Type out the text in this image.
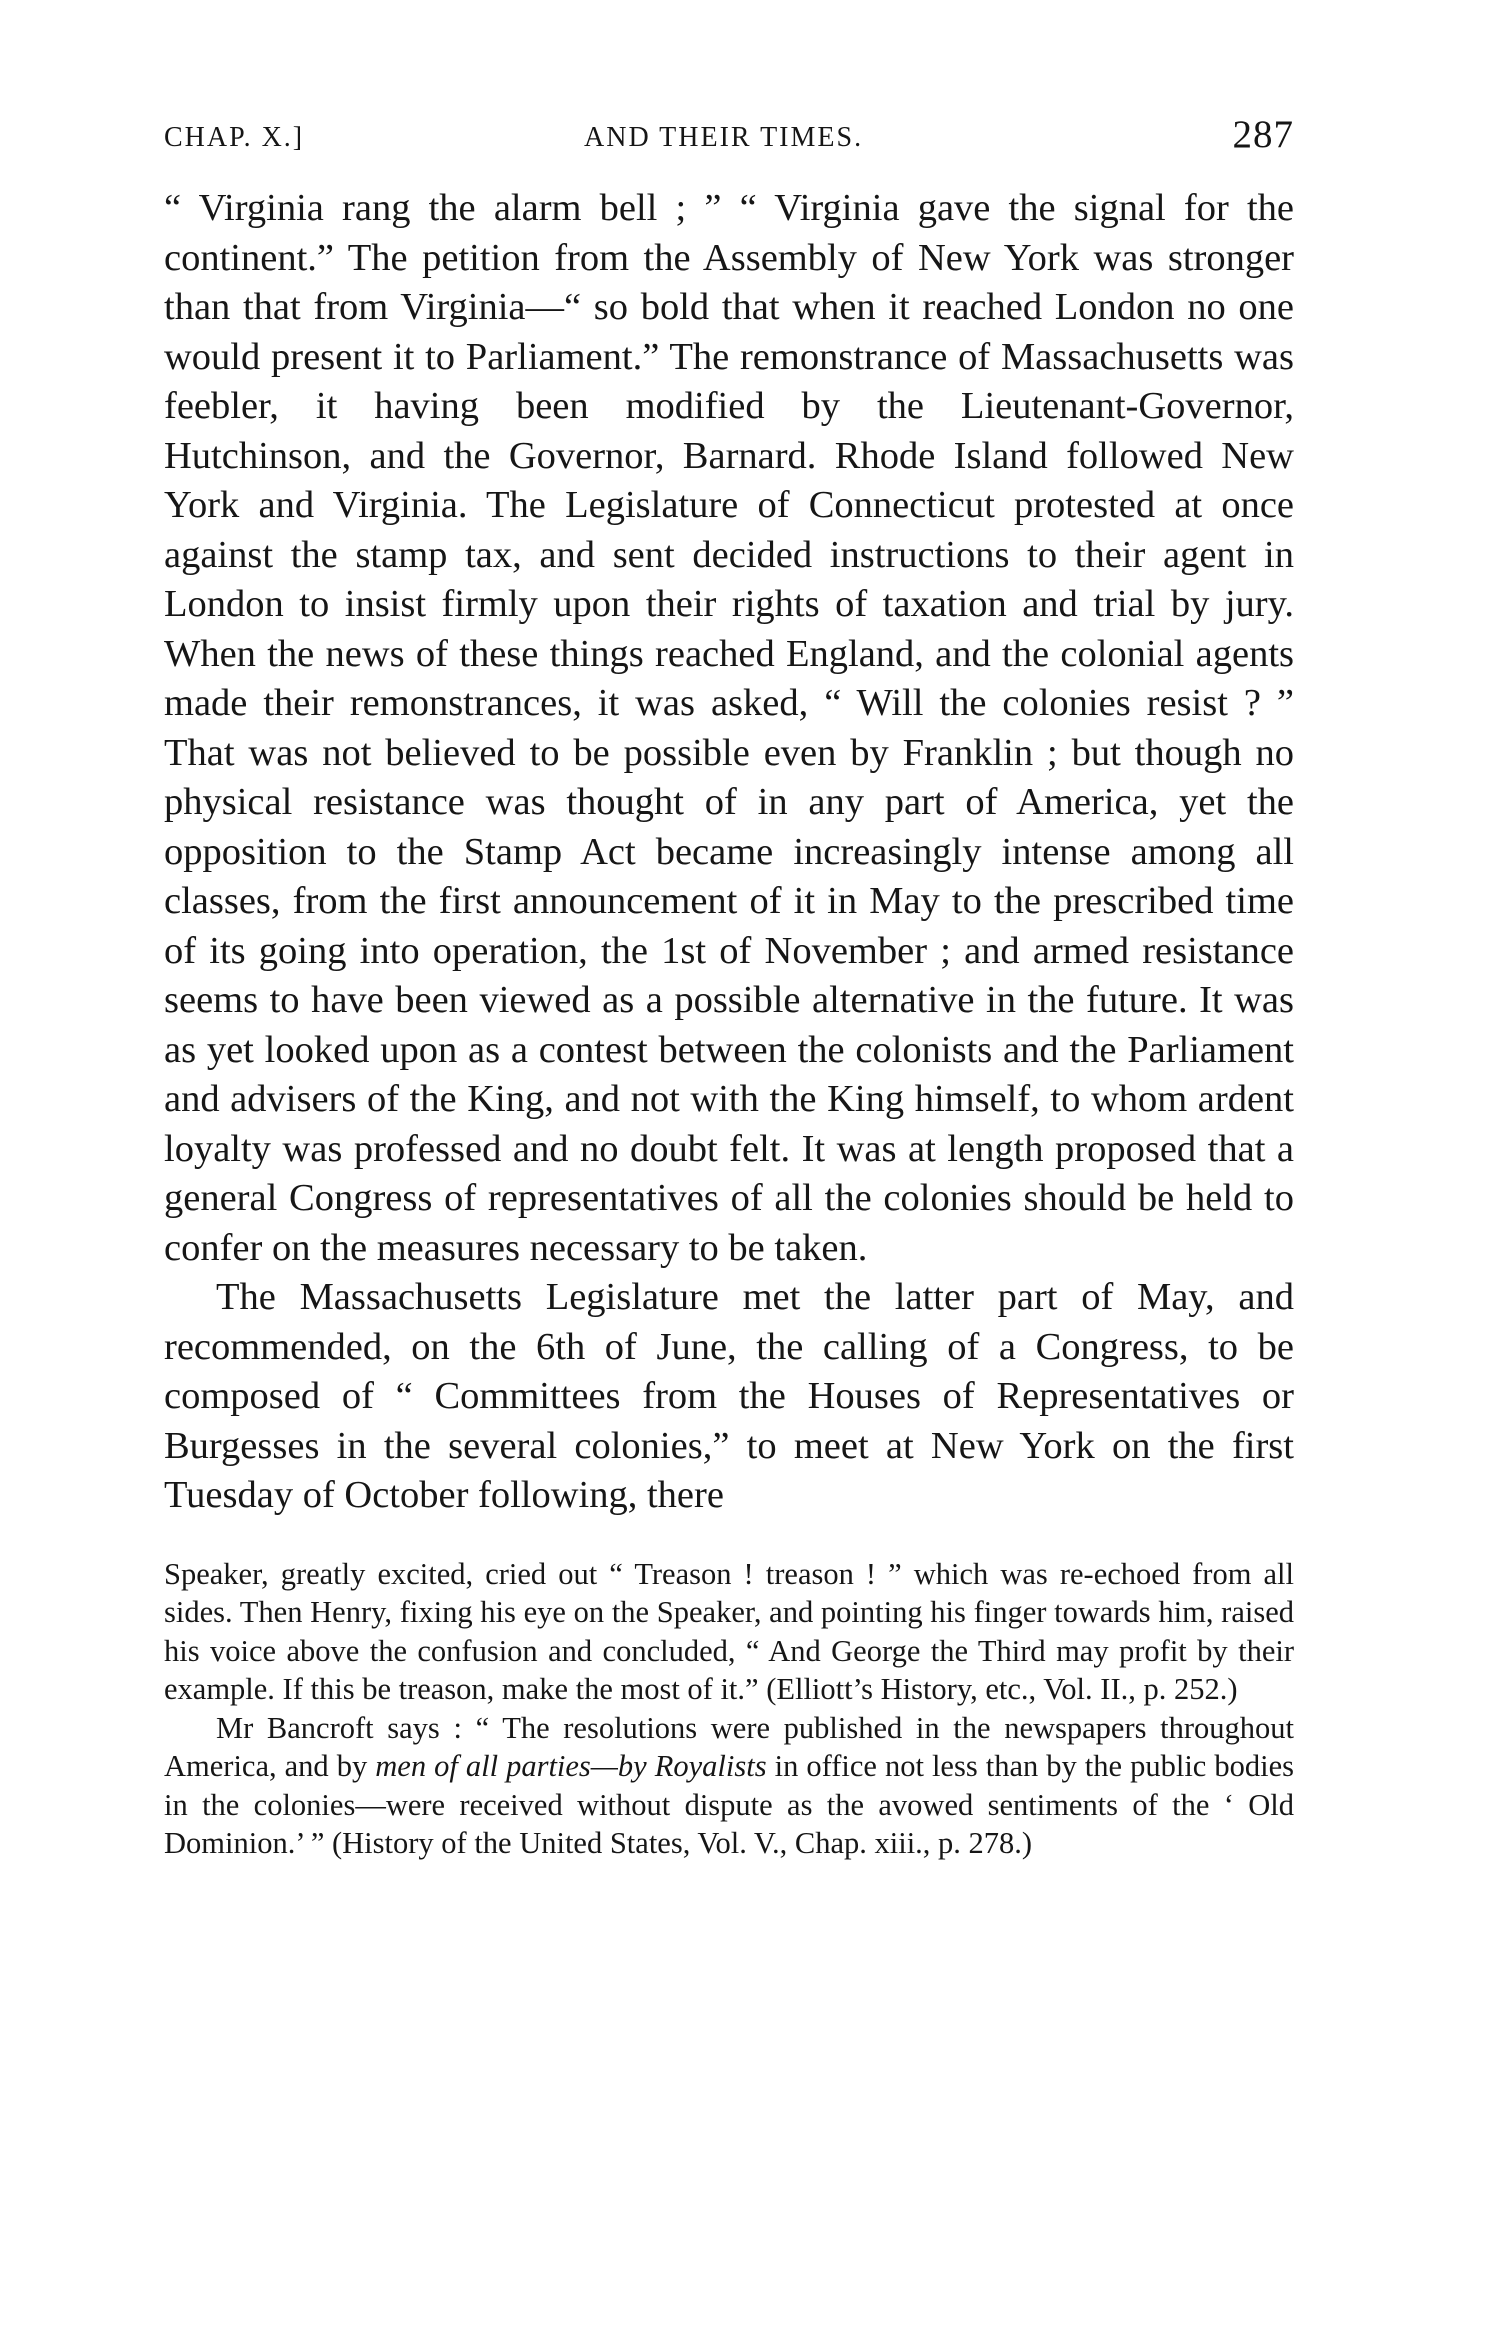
CHAP. X.]	AND THEIR TIMES.	287

“ Virginia rang the alarm bell ; ” “ Virginia gave the signal for the continent.” The petition from the Assembly of New York was stronger than that from Virginia—“ so bold that when it reached London no one would present it to Parliament.” The remonstrance of Massachusetts was feebler, it having been modified by the Lieutenant-Governor, Hutchinson, and the Governor, Barnard. Rhode Island followed New York and Virginia. The Legislature of Connecticut protested at once against the stamp tax, and sent decided instructions to their agent in London to insist firmly upon their rights of taxation and trial by jury. When the news of these things reached England, and the colonial agents made their remonstrances, it was asked, “ Will the colonies resist ? ” That was not believed to be possible even by Franklin ; but though no physical resistance was thought of in any part of America, yet the opposition to the Stamp Act became increasingly intense among all classes, from the first announcement of it in May to the prescribed time of its going into operation, the 1st of November ; and armed resistance seems to have been viewed as a possible alternative in the future. It was as yet looked upon as a contest between the colonists and the Parliament and advisers of the King, and not with the King himself, to whom ardent loyalty was professed and no doubt felt. It was at length proposed that a general Congress of representatives of all the colonies should be held to confer on the measures necessary to be taken.

The Massachusetts Legislature met the latter part of May, and recommended, on the 6th of June, the calling of a Congress, to be composed of “ Committees from the Houses of Representatives or Burgesses in the several colonies,” to meet at New York on the first Tuesday of October following, there

Speaker, greatly excited, cried out “ Treason ! treason ! ” which was re-echoed from all sides. Then Henry, fixing his eye on the Speaker, and pointing his finger towards him, raised his voice above the confusion and concluded, “ And George the Third may profit by their example. If this be treason, make the most of it.” (Elliott’s History, etc., Vol. II., p. 252.)

Mr Bancroft says : “ The resolutions were published in the newspapers throughout America, and by men of all parties—by Royalists in office not less than by the public bodies in the colonies—were received without dispute as the avowed sentiments of the ‘ Old Dominion.’ ” (History of the United States, Vol. V., Chap. xiii., p. 278.)
